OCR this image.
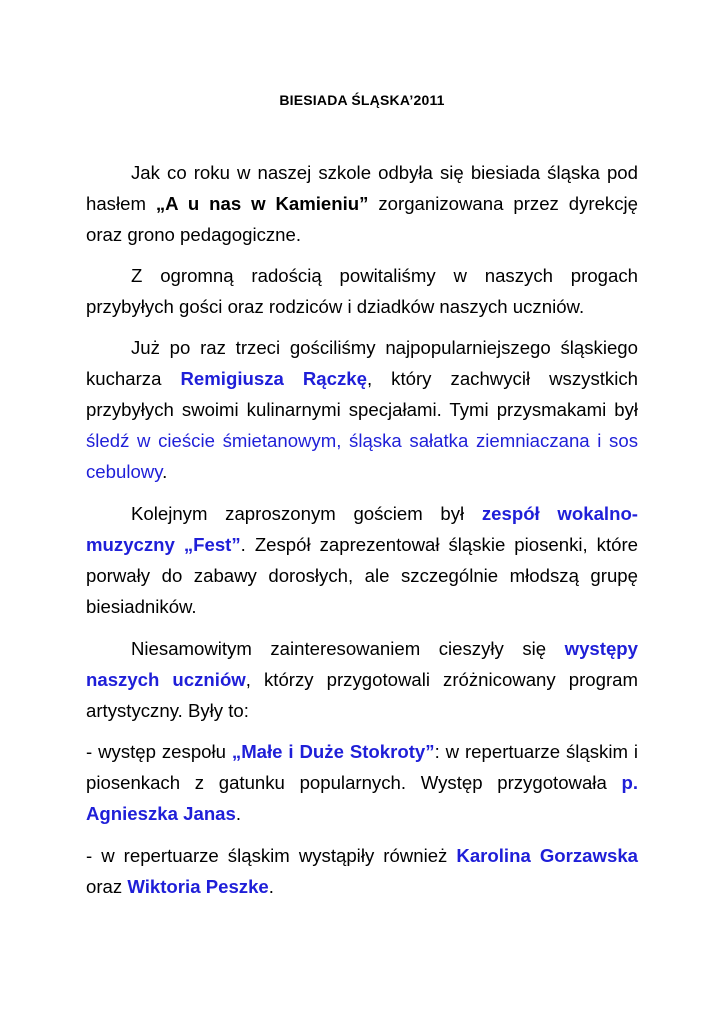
BIESIADA ŚLĄSKA’2011

Jak co roku w naszej szkole odbyła się biesiada śląska pod hasłem „A u nas w Kamieniu” zorganizowana przez dyrekcję oraz grono pedagogiczne.

Z ogromną radością powitaliśmy w naszych progach przybyłych gości oraz rodziców i dziadków naszych uczniów.

Już po raz trzeci gościliśmy najpopularniejszego śląskiego kucharza Remigiusza Rączkę, który zachwycił wszystkich przybyłych swoimi kulinarnymi specjałami. Tymi przysmakami był śledź w cieście śmietanowym, śląska sałatka ziemniaczana i sos cebulowy.

Kolejnym zaproszonym gościem był zespół wokalno-muzyczny „Fest”. Zespół zaprezentował śląskie piosenki, które porwały do zabawy dorosłych, ale szczególnie młodszą grupę biesiadników.

Niesamowitym zainteresowaniem cieszyły się występy naszych uczniów, którzy przygotowali zróżnicowany program artystyczny. Były to:

- występ zespołu „Małe i Duże Stokroty”: w repertuarze śląskim i piosenkach z gatunku popularnych. Występ przygotowała p. Agnieszka Janas.

- w repertuarze śląskim wystąpiły również Karolina Gorzawska oraz Wiktoria Peszke.
